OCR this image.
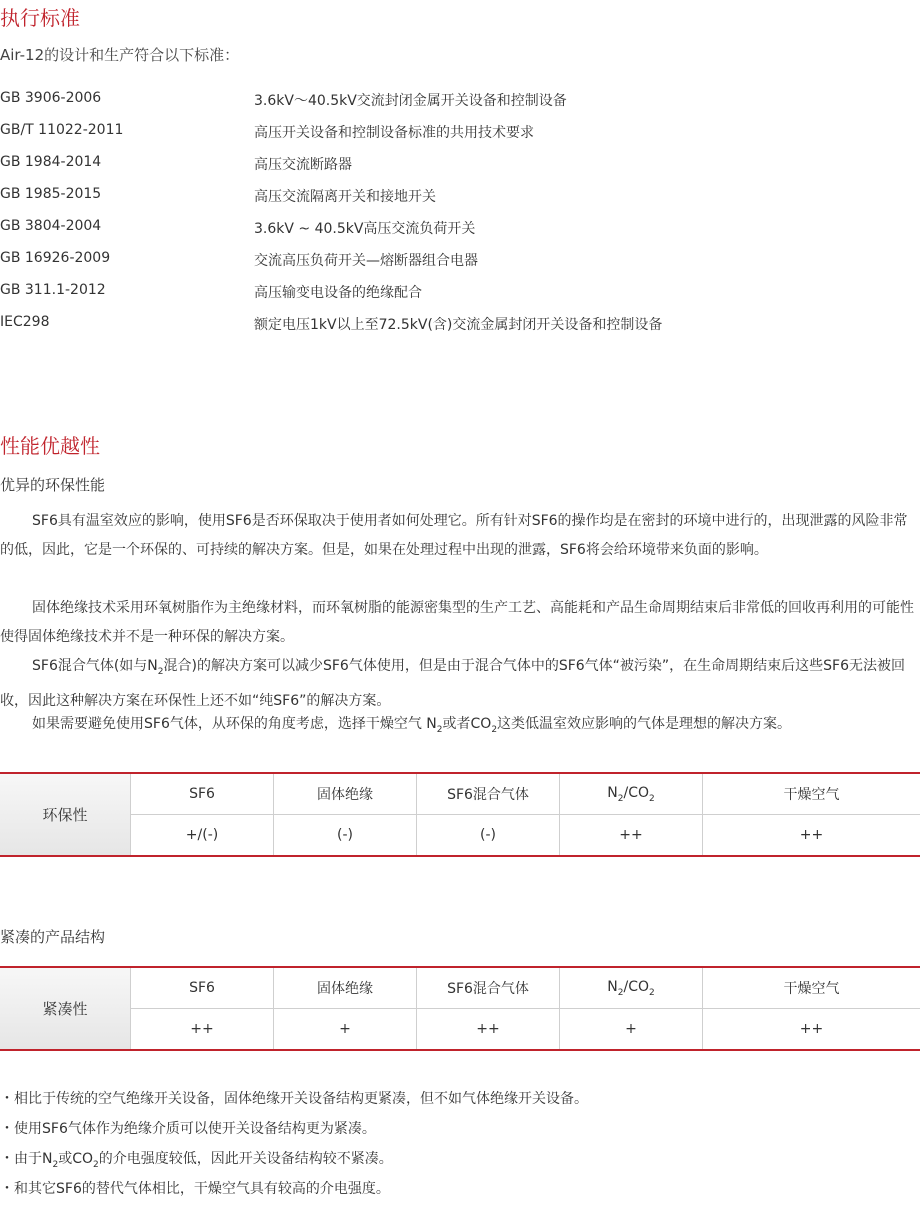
执行标准
Air-12的设计和生产符合以下标准：
GB 3906-2006	3.6kV～40.5kV交流封闭金属开关设备和控制设备
GB/T 11022-2011	高压开关设备和控制设备标准的共用技术要求
GB 1984-2014	高压交流断路器
GB 1985-2015	高压交流隔离开关和接地开关
GB 3804-2004	3.6kV ~ 40.5kV高压交流负荷开关
GB 16926-2009	交流高压负荷开关—熔断器组合电器
GB 311.1-2012	高压输变电设备的绝缘配合
IEC298	额定电压1kV以上至72.5kV(含)交流金属封闭开关设备和控制设备
性能优越性
优异的环保性能

SF6具有温室效应的影响，使用SF6是否环保取决于使用者如何处理它。所有针对SF6的操作均是在密封的环境中进行的，出现泄露的风险非常的低，因此，它是一个环保的、可持续的解决方案。但是，如果在处理过程中出现的泄露，SF6将会给环境带来负面的影响。

固体绝缘技术采用环氧树脂作为主绝缘材料，而环氧树脂的能源密集型的生产工艺、高能耗和产品生命周期结束后非常低的回收再利用的可能性使得固体绝缘技术并不是一种环保的解决方案。

SF6混合气体(如与$N_2$混合)的解决方案可以减少SF6气体使用，但是由于混合气体中的SF6气体“被污染”，在生命周期结束后这些SF6无法被回收，因此这种解决方案在环保性上还不如“纯SF6”的解决方案。

如果需要避免使用SF6气体，从环保的角度考虑，选择干燥空气 $N_2$或者$CO_2$这类低温室效应影响的气体是理想的解决方案。

环保性	SF6	固体绝缘	SF6混合气体	$N_2/CO_2$	干燥空气
	+/(-)	(-)	(-)	++	++
紧凑的产品结构
紧凑性	SF6	固体绝缘	SF6混合气体	$N_2/CO_2$	干燥空气
	++	+	++	+	++
・相比于传统的空气绝缘开关设备，固体绝缘开关设备结构更紧凑，但不如气体绝缘开关设备。
・使用SF6气体作为绝缘介质可以使开关设备结构更为紧凑。
・由于$N_2$或$CO_2$的介电强度较低，因此开关设备结构较不紧凑。
・和其它SF6的替代气体相比，干燥空气具有较高的介电强度。
